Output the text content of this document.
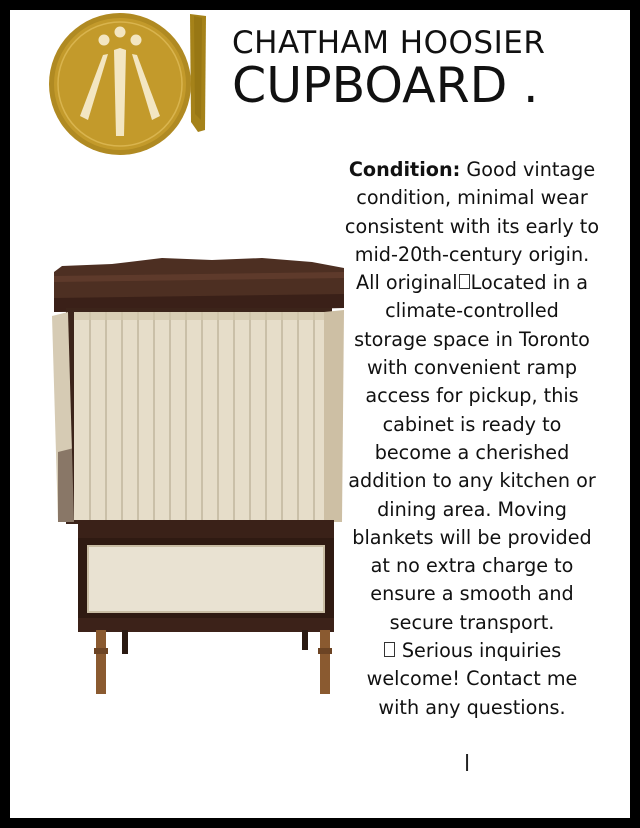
CHATHAM HOOSIER
CUPBOARD .

Condition: Good vintage
condition, minimal wear
consistent with its early to
mid-20th-century origin.
All original Located in a
climate-controlled
storage space in Toronto
with convenient ramp
access for pickup, this
cabinet is ready to
become a cherished
addition to any kitchen or
dining area. Moving
blankets will be provided
at no extra charge to
ensure a smooth and
secure transport.
Serious inquiries
welcome! Contact me
with any questions.

l
